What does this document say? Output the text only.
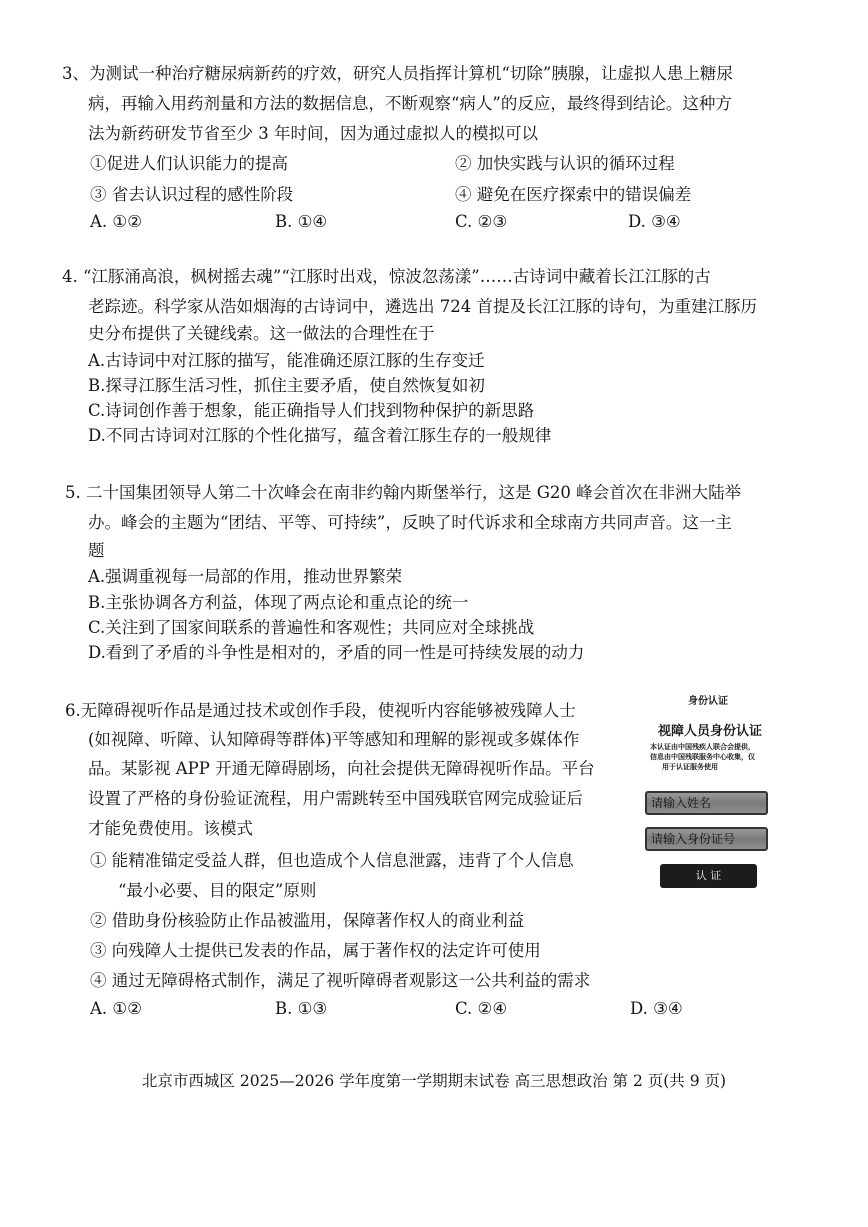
3、为测试一种治疗糖尿病新药的疗效，研究人员指挥计算机“切除”胰腺，让虚拟人患上糖尿
病，再输入用药剂量和方法的数据信息，不断观察“病人”的反应，最终得到结论。这种方
法为新药研发节省至少 3 年时间，因为通过虚拟人的模拟可以
①促进人们认识能力的提高	② 加快实践与认识的循环过程
③ 省去认识过程的感性阶段	④ 避免在医疗探索中的错误偏差
A. ①②	B. ①④	C. ②③	D. ③④
4. “江豚涌高浪，枫树摇去魂”“江豚时出戏，惊波忽荡漾”……古诗词中藏着长江江豚的古
老踪迹。科学家从浩如烟海的古诗词中，遴选出 724 首提及长江江豚的诗句，为重建江豚历
史分布提供了关键线索。这一做法的合理性在于
A.古诗词中对江豚的描写，能准确还原江豚的生存变迁
B.探寻江豚生活习性，抓住主要矛盾，使自然恢复如初
C.诗词创作善于想象，能正确指导人们找到物种保护的新思路
D.不同古诗词对江豚的个性化描写，蕴含着江豚生存的一般规律
5. 二十国集团领导人第二十次峰会在南非约翰内斯堡举行，这是 G20 峰会首次在非洲大陆举
办。峰会的主题为“团结、平等、可持续”，反映了时代诉求和全球南方共同声音。这一主
题
A.强调重视每一局部的作用，推动世界繁荣
B.主张协调各方利益，体现了两点论和重点论的统一
C.关注到了国家间联系的普遍性和客观性；共同应对全球挑战
D.看到了矛盾的斗争性是相对的，矛盾的同一性是可持续发展的动力
6.无障碍视听作品是通过技术或创作手段，使视听内容能够被残障人士
(如视障、听障、认知障碍等群体)平等感知和理解的影视或多媒体作
品。某影视 APP 开通无障碍剧场，向社会提供无障碍视听作品。平台
设置了严格的身份验证流程，用户需跳转至中国残联官网完成验证后
才能免费使用。该模式
① 能精准锚定受益人群，但也造成个人信息泄露，违背了个人信息
“最小必要、目的限定”原则
② 借助身份核验防止作品被滥用，保障著作权人的商业利益
③ 向残障人士提供已发表的作品，属于著作权的法定许可使用
④ 通过无障碍格式制作，满足了视听障碍者观影这一公共利益的需求
A. ①②	B. ①③	C. ②④	D. ③④
身份认证
视障人员身份认证
本认证由中国残疾人联合会提供，
信息由中国残联服务中心收集，仅
用于认证服务使用
请输入姓名
请输入身份证号
认 证
北京市西城区 2025—2026 学年度第一学期期末试卷 高三思想政治 第 2 页(共 9 页)
